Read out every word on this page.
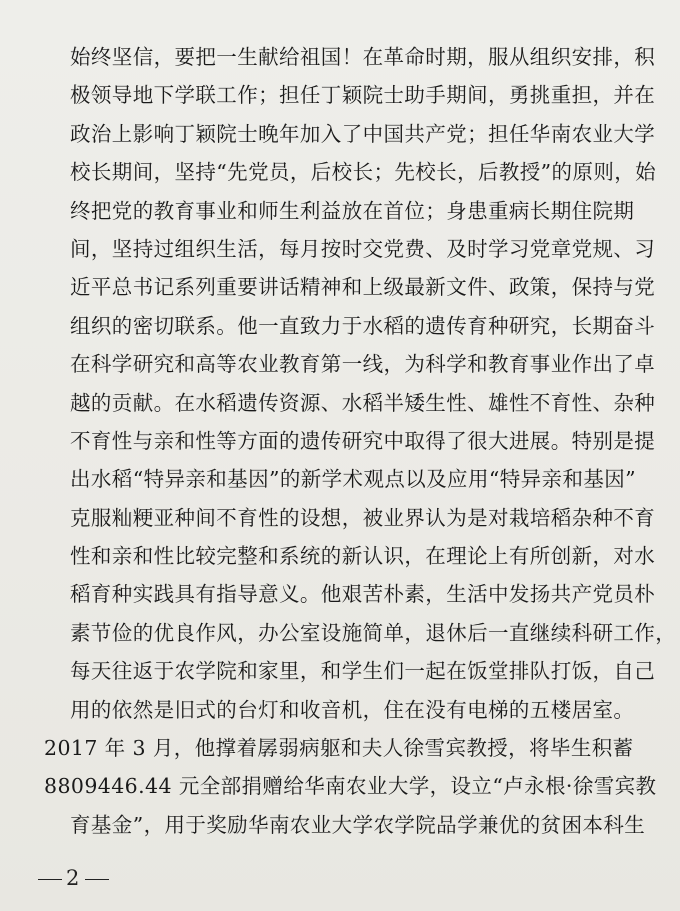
始终坚信，要把一生献给祖国！在革命时期，服从组织安排，积
极领导地下学联工作；担任丁颖院士助手期间，勇挑重担，并在
政治上影响丁颖院士晚年加入了中国共产党；担任华南农业大学
校长期间，坚持“先党员，后校长；先校长，后教授”的原则，始
终把党的教育事业和师生利益放在首位；身患重病长期住院期
间，坚持过组织生活，每月按时交党费、及时学习党章党规、习
近平总书记系列重要讲话精神和上级最新文件、政策，保持与党
组织的密切联系。他一直致力于水稻的遗传育种研究，长期奋斗
在科学研究和高等农业教育第一线，为科学和教育事业作出了卓
越的贡献。在水稻遗传资源、水稻半矮生性、雄性不育性、杂种
不育性与亲和性等方面的遗传研究中取得了很大进展。特别是提
出水稻“特异亲和基因”的新学术观点以及应用“特异亲和基因”
克服籼粳亚种间不育性的设想，被业界认为是对栽培稻杂种不育
性和亲和性比较完整和系统的新认识，在理论上有所创新，对水
稻育种实践具有指导意义。他艰苦朴素，生活中发扬共产党员朴
素节俭的优良作风，办公室设施简单，退休后一直继续科研工作，
每天往返于农学院和家里，和学生们一起在饭堂排队打饭，自己
用的依然是旧式的台灯和收音机，住在没有电梯的五楼居室。
2017 年 3 月，他撑着孱弱病躯和夫人徐雪宾教授，将毕生积蓄
8809446.44 元全部捐赠给华南农业大学，设立“卢永根·徐雪宾教
育基金”，用于奖励华南农业大学农学院品学兼优的贫困本科生
2
